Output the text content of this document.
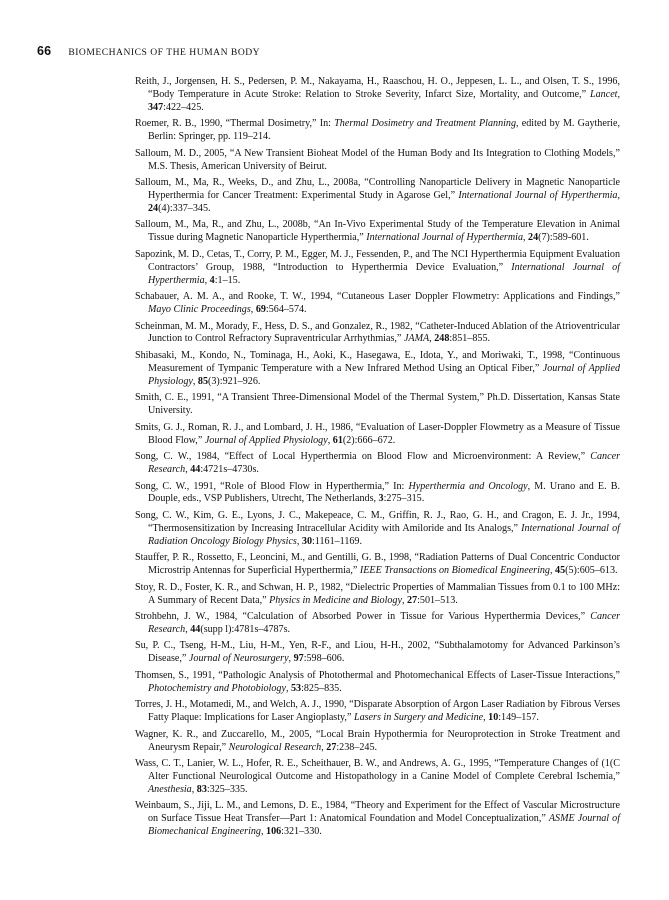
66 BIOMECHANICS OF THE HUMAN BODY

Reith, J., Jorgensen, H. S., Pedersen, P. M., Nakayama, H., Raaschou, H. O., Jeppesen, L. L., and Olsen, T. S., 1996, “Body Temperature in Acute Stroke: Relation to Stroke Severity, Infarct Size, Mortality, and Outcome,” Lancet, 347:422–425.

Roemer, R. B., 1990, “Thermal Dosimetry,” In: Thermal Dosimetry and Treatment Planning, edited by M. Gaytherie, Berlin: Springer, pp. 119–214.

Salloum, M. D., 2005, “A New Transient Bioheat Model of the Human Body and Its Integration to Clothing Models,” M.S. Thesis, American University of Beirut.

Salloum, M., Ma, R., Weeks, D., and Zhu, L., 2008a, “Controlling Nanoparticle Delivery in Magnetic Nanoparticle Hyperthermia for Cancer Treatment: Experimental Study in Agarose Gel,” International Journal of Hyperthermia, 24(4):337–345.

Salloum, M., Ma, R., and Zhu, L., 2008b, “An In-Vivo Experimental Study of the Temperature Elevation in Animal Tissue during Magnetic Nanoparticle Hyperthermia,” International Journal of Hyperthermia, 24(7):589-601.

Sapozink, M. D., Cetas, T., Corry, P. M., Egger, M. J., Fessenden, P., and The NCI Hyperthermia Equipment Evaluation Contractors’ Group, 1988, “Introduction to Hyperthermia Device Evaluation,” International Journal of Hyperthermia, 4:1–15.

Schabauer, A. M. A., and Rooke, T. W., 1994, “Cutaneous Laser Doppler Flowmetry: Applications and Findings,” Mayo Clinic Proceedings, 69:564–574.

Scheinman, M. M., Morady, F., Hess, D. S., and Gonzalez, R., 1982, “Catheter-Induced Ablation of the Atrioventricular Junction to Control Refractory Supraventricular Arrhythmias,” JAMA, 248:851–855.

Shibasaki, M., Kondo, N., Tominaga, H., Aoki, K., Hasegawa, E., Idota, Y., and Moriwaki, T., 1998, “Continuous Measurement of Tympanic Temperature with a New Infrared Method Using an Optical Fiber,” Journal of Applied Physiology, 85(3):921–926.

Smith, C. E., 1991, “A Transient Three-Dimensional Model of the Thermal System,” Ph.D. Dissertation, Kansas State University.

Smits, G. J., Roman, R. J., and Lombard, J. H., 1986, “Evaluation of Laser-Doppler Flowmetry as a Measure of Tissue Blood Flow,” Journal of Applied Physiology, 61(2):666–672.

Song, C. W., 1984, “Effect of Local Hyperthermia on Blood Flow and Microenvironment: A Review,” Cancer Research, 44:4721s–4730s.

Song, C. W., 1991, “Role of Blood Flow in Hyperthermia,” In: Hyperthermia and Oncology, M. Urano and E. B. Douple, eds., VSP Publishers, Utrecht, The Netherlands, 3:275–315.

Song, C. W., Kim, G. E., Lyons, J. C., Makepeace, C. M., Griffin, R. J., Rao, G. H., and Cragon, E. J. Jr., 1994, “Thermosensitization by Increasing Intracellular Acidity with Amiloride and Its Analogs,” International Journal of Radiation Oncology Biology Physics, 30:1161–1169.

Stauffer, P. R., Rossetto, F., Leoncini, M., and Gentilli, G. B., 1998, “Radiation Patterns of Dual Concentric Conductor Microstrip Antennas for Superficial Hyperthermia,” IEEE Transactions on Biomedical Engineering, 45(5):605–613.

Stoy, R. D., Foster, K. R., and Schwan, H. P., 1982, “Dielectric Properties of Mammalian Tissues from 0.1 to 100 MHz: A Summary of Recent Data,” Physics in Medicine and Biology, 27:501–513.

Strohbehn, J. W., 1984, “Calculation of Absorbed Power in Tissue for Various Hyperthermia Devices,” Cancer Research, 44(supp l):4781s–4787s.

Su, P. C., Tseng, H-M., Liu, H-M., Yen, R-F., and Liou, H-H., 2002, “Subthalamotomy for Advanced Parkinson’s Disease,” Journal of Neurosurgery, 97:598–606.

Thomsen, S., 1991, “Pathologic Analysis of Photothermal and Photomechanical Effects of Laser-Tissue Interactions,” Photochemistry and Photobiology, 53:825–835.

Torres, J. H., Motamedi, M., and Welch, A. J., 1990, “Disparate Absorption of Argon Laser Radiation by Fibrous Verses Fatty Plaque: Implications for Laser Angioplasty,” Lasers in Surgery and Medicine, 10:149–157.

Wagner, K. R., and Zuccarello, M., 2005, “Local Brain Hypothermia for Neuroprotection in Stroke Treatment and Aneurysm Repair,” Neurological Research, 27:238–245.

Wass, C. T., Lanier, W. L., Hofer, R. E., Scheithauer, B. W., and Andrews, A. G., 1995, “Temperature Changes of (1(C Alter Functional Neurological Outcome and Histopathology in a Canine Model of Complete Cerebral Ischemia,” Anesthesia, 83:325–335.

Weinbaum, S., Jiji, L. M., and Lemons, D. E., 1984, “Theory and Experiment for the Effect of Vascular Microstructure on Surface Tissue Heat Transfer—Part 1: Anatomical Foundation and Model Conceptualization,” ASME Journal of Biomechanical Engineering, 106:321–330.
